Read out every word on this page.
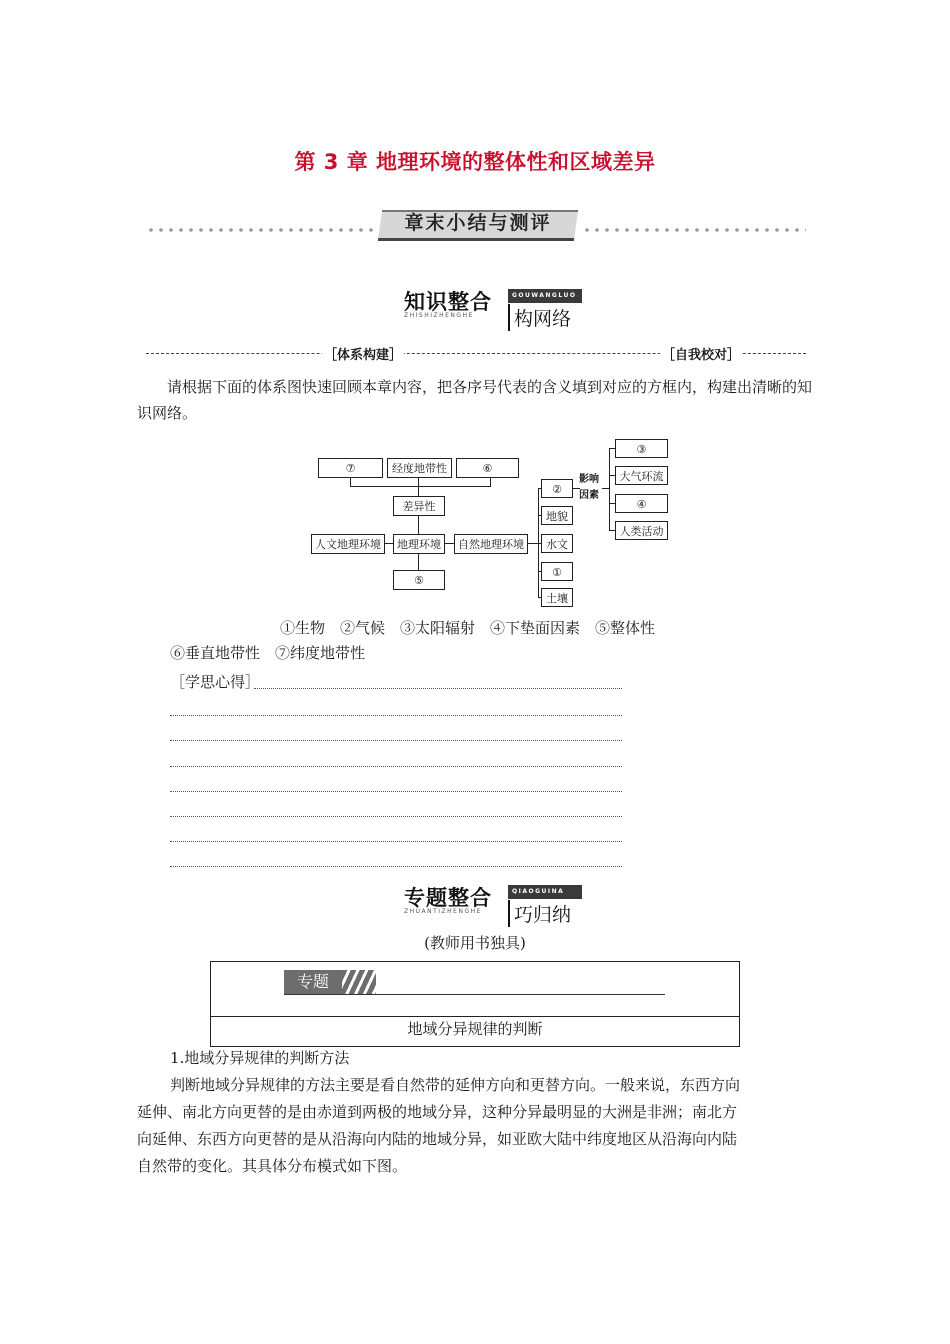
第 3 章 地理环境的整体性和区域差异
章末小结与测评
知识整合	GOUWANGLUO
ZHISHIZHENGHE	构网络
［体系构建］	［自我校对］
请根据下面的体系图快速回顾本章内容，把各序号代表的含义填到对应的方框内，构建出清晰的知识网络。
⑦	经度地带性	⑥
差异性
人文地理环境	地理环境	自然地理环境
⑤
②
影响
因素
地貌
水文
①
土壤
③
大气环流
④
人类活动
①生物　②气候　③太阳辐射　④下垫面因素　⑤整体性
⑥垂直地带性　⑦纬度地带性
［学思心得］
专题整合	QIAOGUINA
ZHUANTIZHENGHE	巧归纳
(教师用书独具)
专题
地域分异规律的判断
1.地域分异规律的判断方法
判断地域分异规律的方法主要是看自然带的延伸方向和更替方向。一般来说，东西方向
延伸、南北方向更替的是由赤道到两极的地域分异，这种分异最明显的大洲是非洲；南北方
向延伸、东西方向更替的是从沿海向内陆的地域分异，如亚欧大陆中纬度地区从沿海向内陆
自然带的变化。其具体分布模式如下图。
